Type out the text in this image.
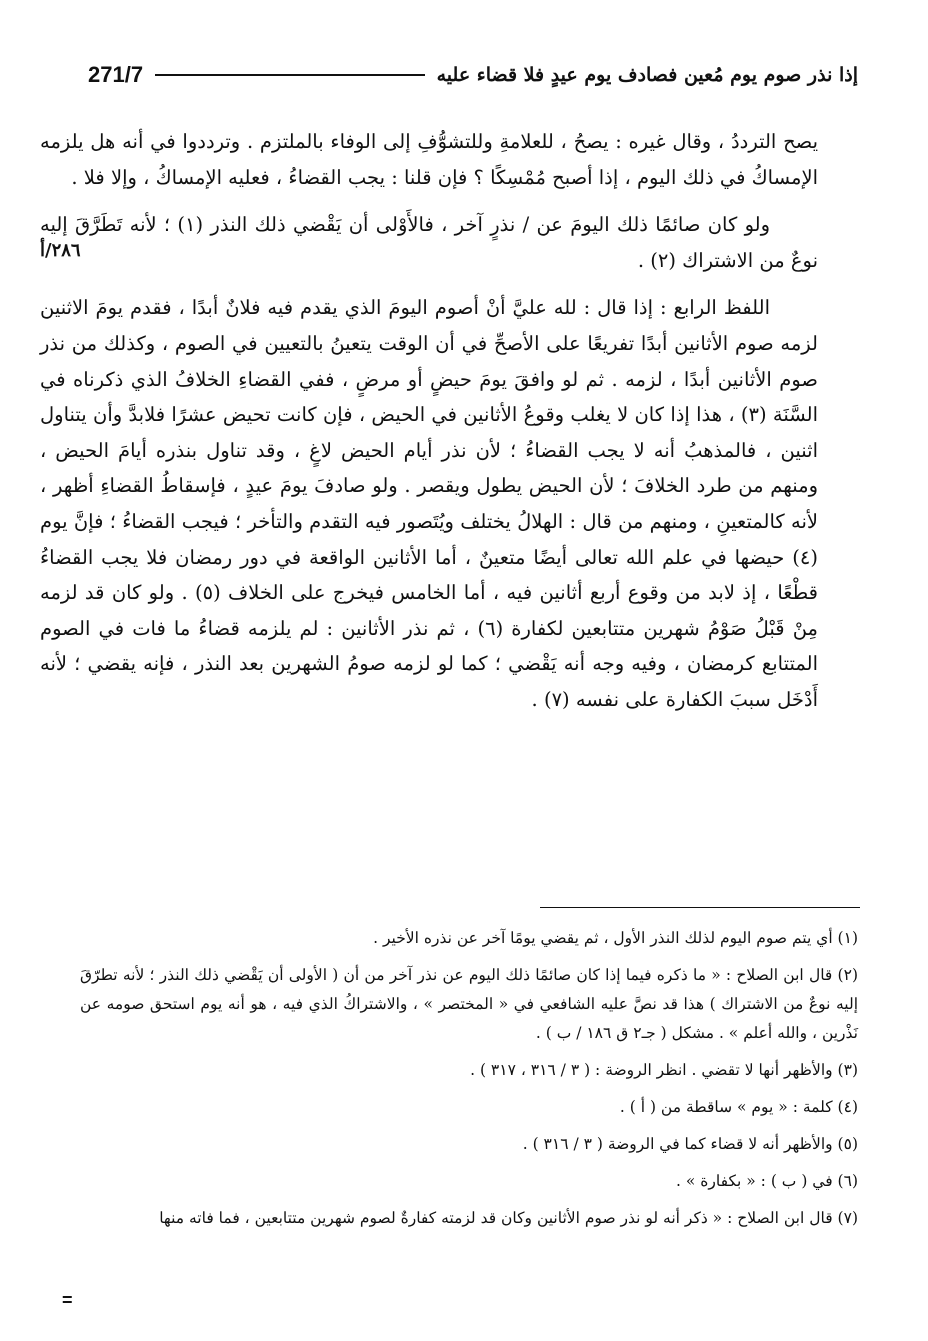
271/7	إذا نذر صوم يوم مُعين فصادف يوم عيدٍ فلا قضاء عليه
٢٨٦/أ

يصح الترددُ ، وقال غيره : يصحُ ، للعلامةِ وللتشوُّفِ إلى الوفاء بالملتزم . وترددوا في أنه هل يلزمه الإمساكُ في ذلك اليوم ، إذا أصبح مُمْسِكًا ؟ فإن قلنا : يجب القضاءُ ، فعليه الإمساكُ ، وإلا فلا .

ولو كان صائمًا ذلك اليومَ عن / نذرٍ آخر ، فالأَوْلى أن يَقْضي ذلك النذر (١) ؛ لأنه تَطَرَّقَ إليه نوعٌ من الاشتراك (٢) .

اللفظ الرابع : إذا قال : لله عليَّ أنْ أصوم اليومَ الذي يقدم فيه فلانٌ أبدًا ، فقدم يومَ الاثنين لزمه صوم الأثانين أبدًا تفريعًا على الأصحِّ في أن الوقت يتعينُ بالتعيين في الصوم ، وكذلك من نذر صوم الأثانين أبدًا ، لزمه . ثم لو وافقَ يومَ حيضٍ أو مرضٍ ، ففي القضاءِ الخلافُ الذي ذكرناه في السَّنَة (٣) ، هذا إذا كان لا يغلب وقوعُ الأثانين في الحيض ، فإن كانت تحيض عشرًا فلابدَّ وأن يتناول اثنين ، فالمذهبُ أنه لا يجب القضاءُ ؛ لأن نذر أيام الحيض لاغٍ ، وقد تناول بنذره أيامَ الحيض ، ومنهم من طرد الخلافَ ؛ لأن الحيض يطول ويقصر . ولو صادفَ يومَ عيدٍ ، فإسقاطُ القضاءِ أظهر ، لأنه كالمتعينِ ، ومنهم من قال : الهلالُ يختلف ويُتَصور فيه التقدم والتأخر ؛ فيجب القضاءُ ؛ فإنَّ يوم (٤) حيضها في علم الله تعالى أيضًا متعينٌ ، أما الأثانين الواقعة في دور رمضان فلا يجب القضاءُ قطْعًا ، إذ لابد من وقوع أربع أثانين فيه ، أما الخامس فيخرج على الخلاف (٥) . ولو كان قد لزمه مِنْ قَبْلُ صَوْمُ شهرين متتابعين لكفارة (٦) ، ثم نذر الأثانين : لم يلزمه قضاءُ ما فات في الصوم المتتابع كرمضان ، وفيه وجه أنه يَقْضي ؛ كما لو لزمه صومُ الشهرين بعد النذر ، فإنه يقضي ؛ لأنه أَدْخَل سببَ الكفارة على نفسه (٧) .

(١) أي يتم صوم اليوم لذلك النذر الأول ، ثم يقضي يومًا آخر عن نذره الأخير .
(٢) قال ابن الصلاح : « ما ذكره فيما إذا كان صائمًا ذلك اليوم عن نذر آخر من أن ( الأولى أن يَقْضي ذلك النذر ؛ لأنه تطرّقَ إليه نوعٌ من الاشتراك ) هذا قد نصَّ عليه الشافعي في « المختصر » ، والاشتراكُ الذي فيه ، هو أنه يوم استحق صومه عن نَذْرين ، والله أعلم » . مشكل ( جـ٢ ق ١٨٦ / ب ) .
(٣) والأظهر أنها لا تقضي . انظر الروضة : ( ٣ / ٣١٦ ، ٣١٧ ) .
(٤) كلمة : « يوم » ساقطة من ( أ ) .
(٥) والأظهر أنه لا قضاء كما في الروضة ( ٣ / ٣١٦ ) .
(٦) في ( ب ) : « بكفارة » .
(٧) قال ابن الصلاح : « ذكر أنه لو نذر صوم الأثانين وكان قد لزمته كفارةٌ لصوم شهرين متتابعين ، فما فاته منها
=
